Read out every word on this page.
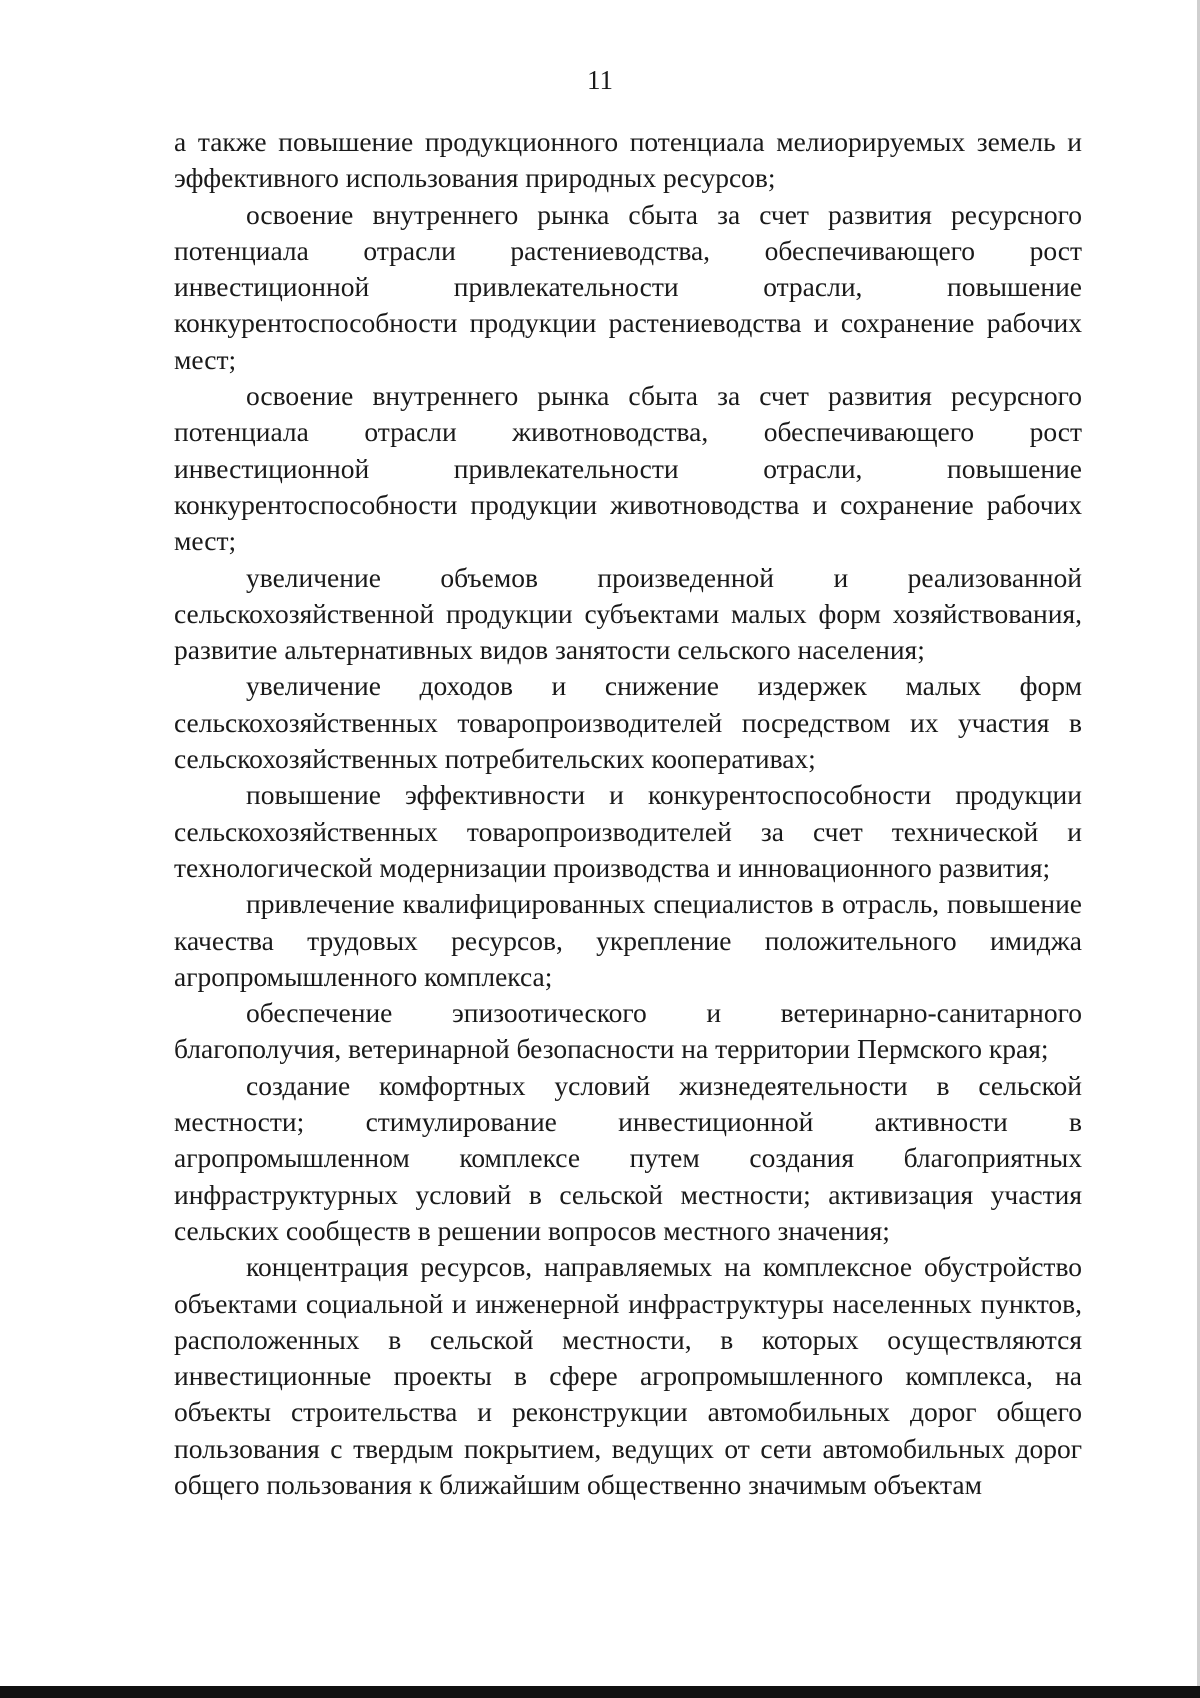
11

а также повышение продукционного потенциала мелиорируемых земель и эффективного использования природных ресурсов;

освоение внутреннего рынка сбыта за счет развития ресурсного потенциала отрасли растениеводства, обеспечивающего рост инвестиционной привлекательности отрасли, повышение конкурентоспособности продукции растениеводства и сохранение рабочих мест;

освоение внутреннего рынка сбыта за счет развития ресурсного потенциала отрасли животноводства, обеспечивающего рост инвестиционной привлекательности отрасли, повышение конкурентоспособности продукции животноводства и сохранение рабочих мест;

увеличение объемов произведенной и реализованной сельскохозяйственной продукции субъектами малых форм хозяйствования, развитие альтернативных видов занятости сельского населения;

увеличение доходов и снижение издержек малых форм сельскохозяйственных товаропроизводителей посредством их участия в сельскохозяйственных потребительских кооперативах;

повышение эффективности и конкурентоспособности продукции сельскохозяйственных товаропроизводителей за счет технической и технологической модернизации производства и инновационного развития;

привлечение квалифицированных специалистов в отрасль, повышение качества трудовых ресурсов, укрепление положительного имиджа агропромышленного комплекса;

обеспечение эпизоотического и ветеринарно-санитарного благополучия, ветеринарной безопасности на территории Пермского края;

создание комфортных условий жизнедеятельности в сельской местности; стимулирование инвестиционной активности в агропромышленном комплексе путем создания благоприятных инфраструктурных условий в сельской местности; активизация участия сельских сообществ в решении вопросов местного значения;

концентрация ресурсов, направляемых на комплексное обустройство объектами социальной и инженерной инфраструктуры населенных пунктов, расположенных в сельской местности, в которых осуществляются инвестиционные проекты в сфере агропромышленного комплекса, на объекты строительства и реконструкции автомобильных дорог общего пользования с твердым покрытием, ведущих от сети автомобильных дорог общего пользования к ближайшим общественно значимым объектам
